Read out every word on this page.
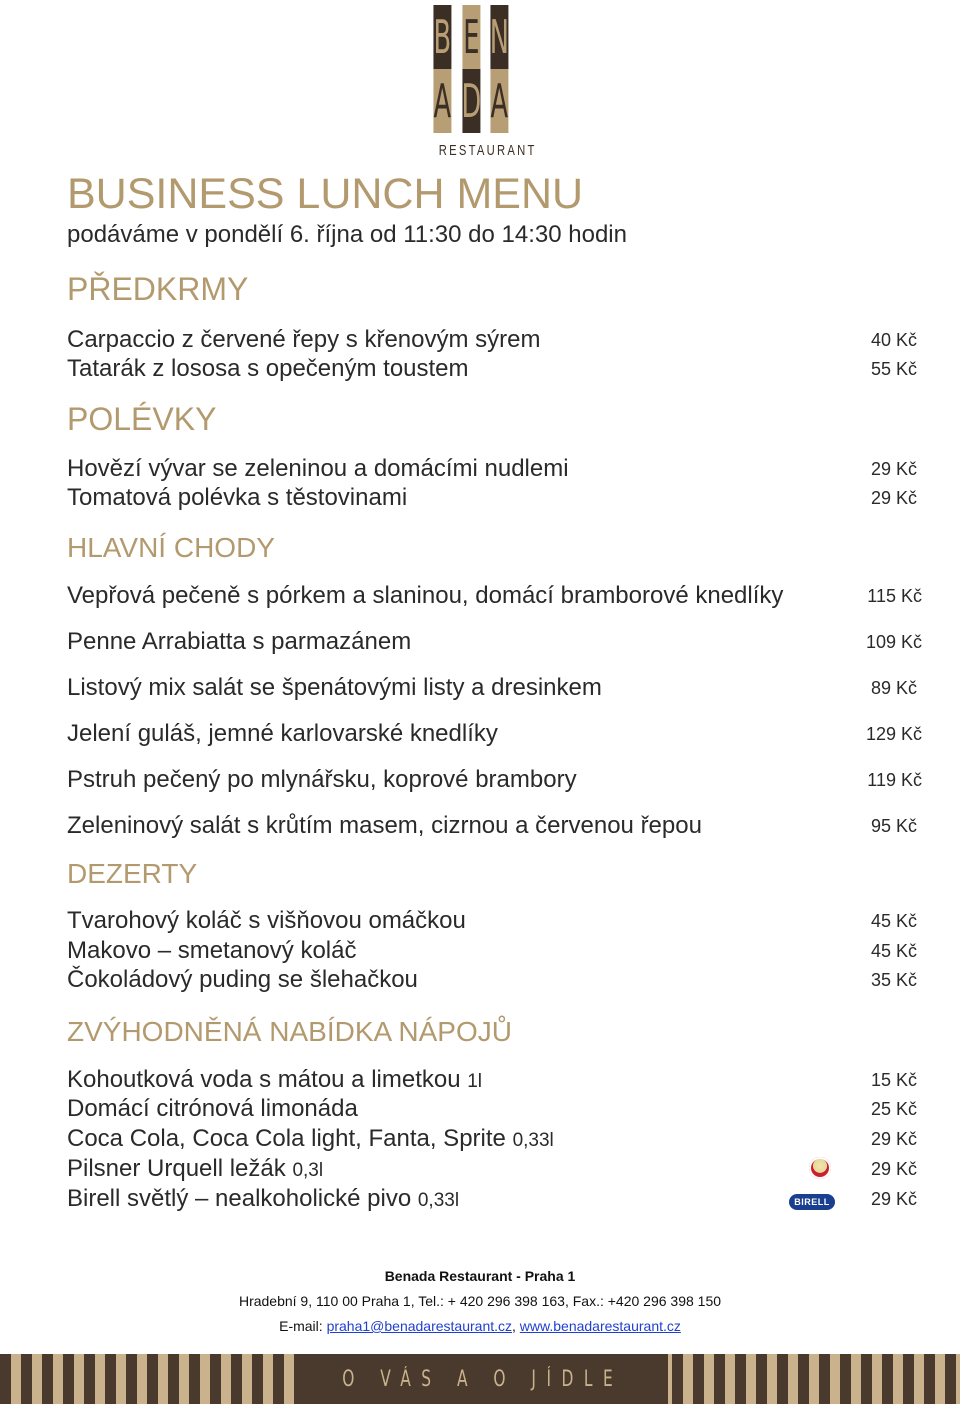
B E N
A D A
RESTAURANT
BUSINESS LUNCH MENU
podáváme v pondělí 6. října od 11:30 do 14:30 hodin
PŘEDKRMY
Carpaccio z červené řepy s křenovým sýrem	40 Kč
Tatarák z lososa s opečeným toustem	55 Kč
POLÉVKY
Hovězí vývar se zeleninou a domácími nudlemi	29 Kč
Tomatová polévka s těstovinami	29 Kč
HLAVNÍ CHODY
Vepřová pečeně s pórkem a slaninou, domácí bramborové knedlíky	115 Kč
Penne Arrabiatta s parmazánem	109 Kč
Listový mix salát se špenátovými listy a dresinkem	89 Kč
Jelení guláš, jemné karlovarské knedlíky	129 Kč
Pstruh pečený po mlynářsku, koprové brambory	119 Kč
Zeleninový salát s krůtím masem, cizrnou a červenou řepou	95 Kč
DEZERTY
Tvarohový koláč s višňovou omáčkou	45 Kč
Makovo – smetanový koláč	45 Kč
Čokoládový puding se šlehačkou	35 Kč
ZVÝHODNĚNÁ NABÍDKA NÁPOJŮ
Kohoutková voda s mátou a limetkou 1l	15 Kč
Domácí citrónová limonáda	25 Kč
Coca Cola, Coca Cola light, Fanta, Sprite 0,33l	29 Kč
Pilsner Urquell ležák 0,3l	29 Kč
Birell světlý – nealkoholické pivo 0,33l	BIRELL 29 Kč
Benada Restaurant - Praha 1
Hradební 9, 110 00 Praha 1, Tel.: + 420 296 398 163, Fax.: +420 296 398 150
E-mail: praha1@benadarestaurant.cz, www.benadarestaurant.cz
O VÁS A O JÍDLE
